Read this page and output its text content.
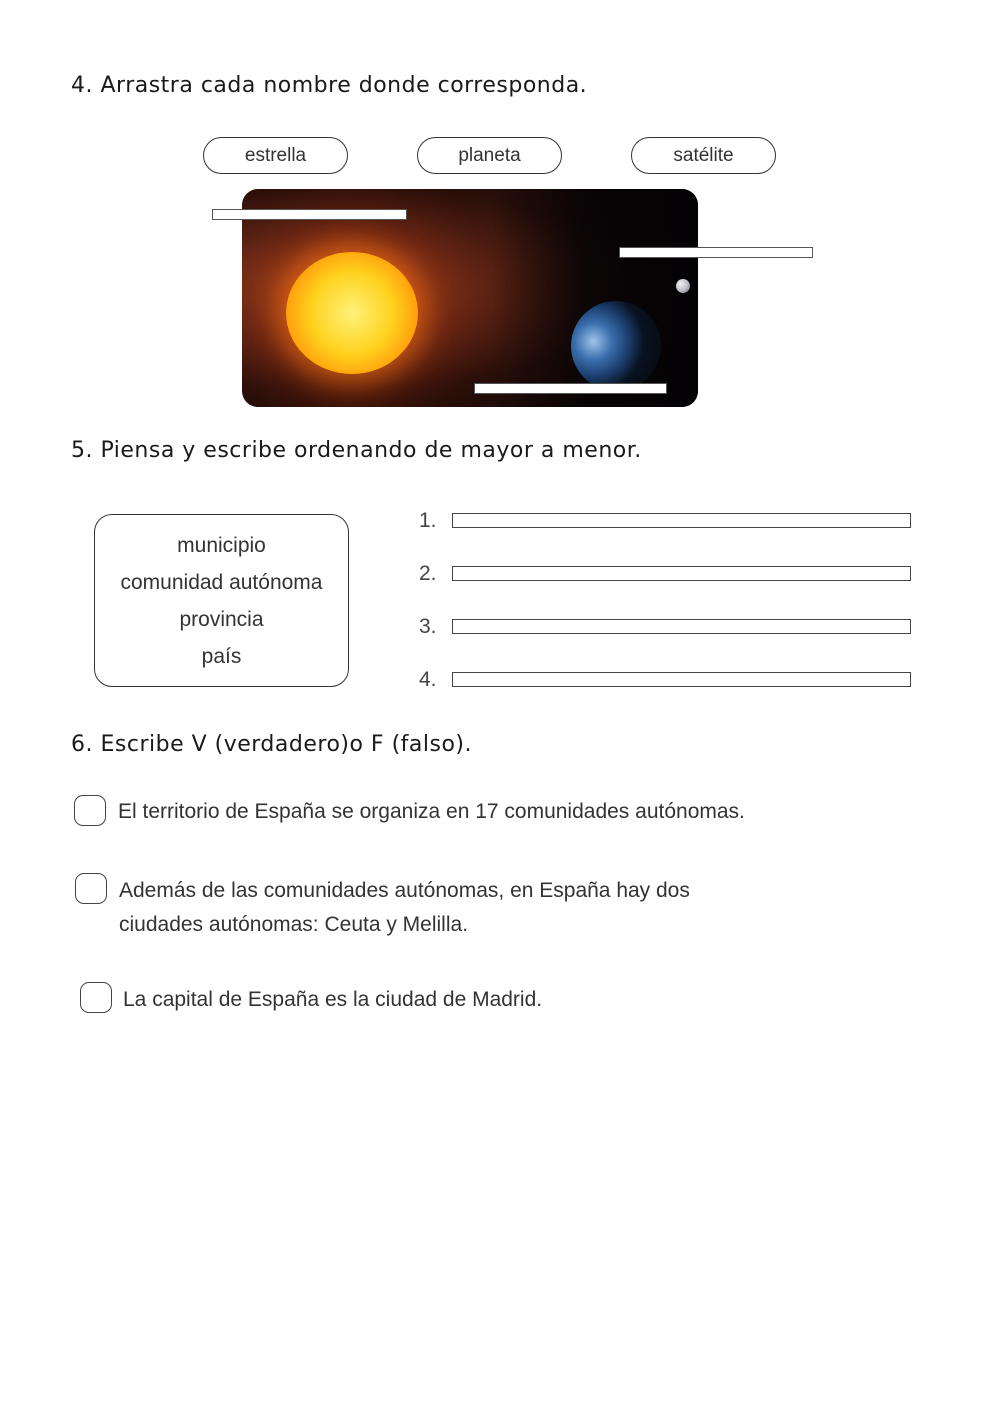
4. Arrastra cada nombre donde corresponda.
estrella	planeta	satélite
5. Piensa y escribe ordenando de mayor a menor.
municipio
comunidad autónoma
provincia
país
1.
2.
3.
4.
6. Escribe V (verdadero)o F (falso).
El territorio de España se organiza en 17 comunidades autónomas.
Además de las comunidades autónomas, en España hay dos
ciudades autónomas: Ceuta y Melilla.
La capital de España es la ciudad de Madrid.
